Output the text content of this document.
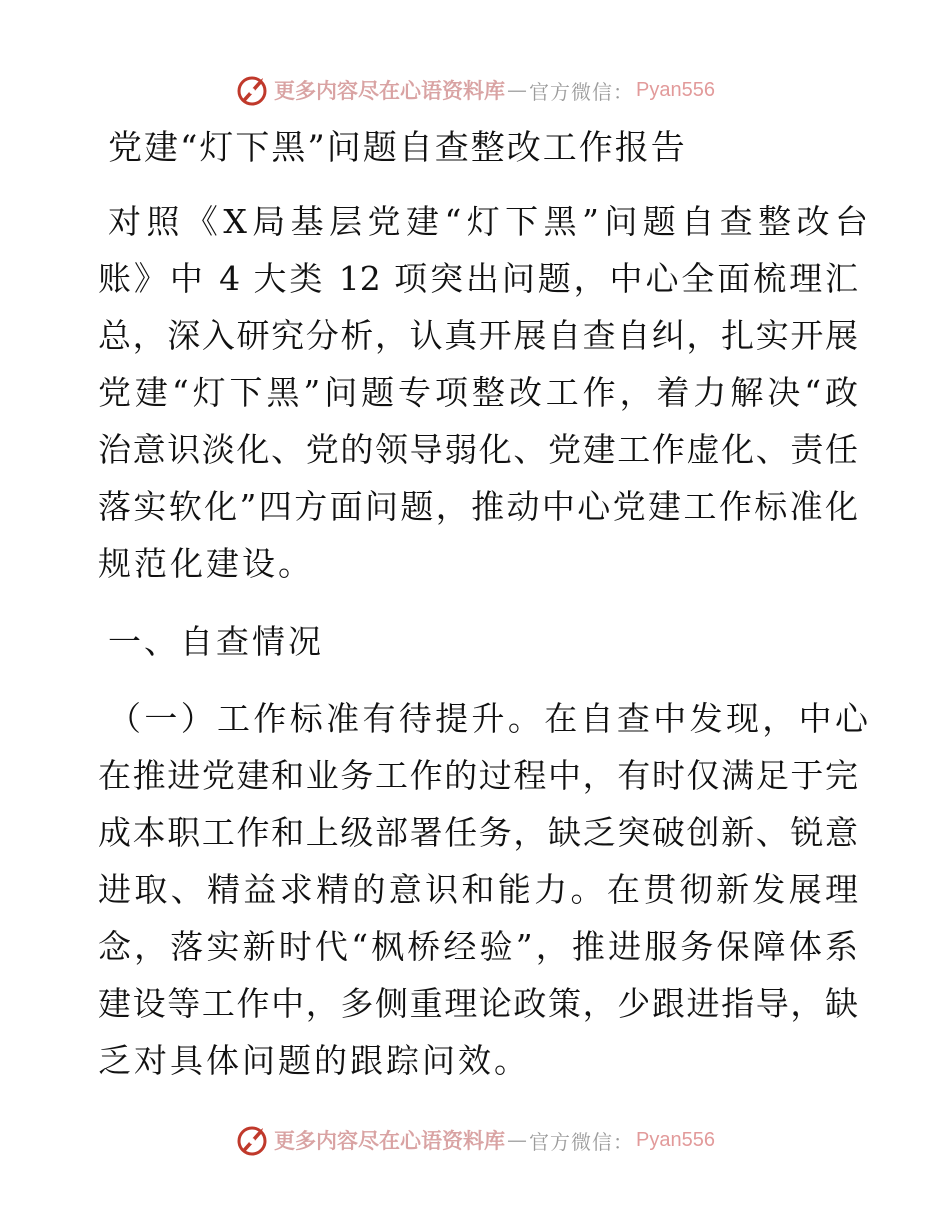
更多内容尽在心语资料库 — 官方微信： Pyan556
党建“灯下黑”问题自查整改工作报告
对照《X局基层党建“灯下黑”问题自查整改台
账》中 4 大类 12 项突出问题，中心全面梳理汇
总，深入研究分析，认真开展自查自纠，扎实开展
党建“灯下黑”问题专项整改工作，着力解决“政
治意识淡化、党的领导弱化、党建工作虚化、责任
落实软化”四方面问题，推动中心党建工作标准化
规范化建设。
一、自查情况
（一）工作标准有待提升。在自查中发现，中心
在推进党建和业务工作的过程中，有时仅满足于完
成本职工作和上级部署任务，缺乏突破创新、锐意
进取、精益求精的意识和能力。在贯彻新发展理
念，落实新时代“枫桥经验”，推进服务保障体系
建设等工作中，多侧重理论政策，少跟进指导，缺
乏对具体问题的跟踪问效。
更多内容尽在心语资料库 — 官方微信： Pyan556
